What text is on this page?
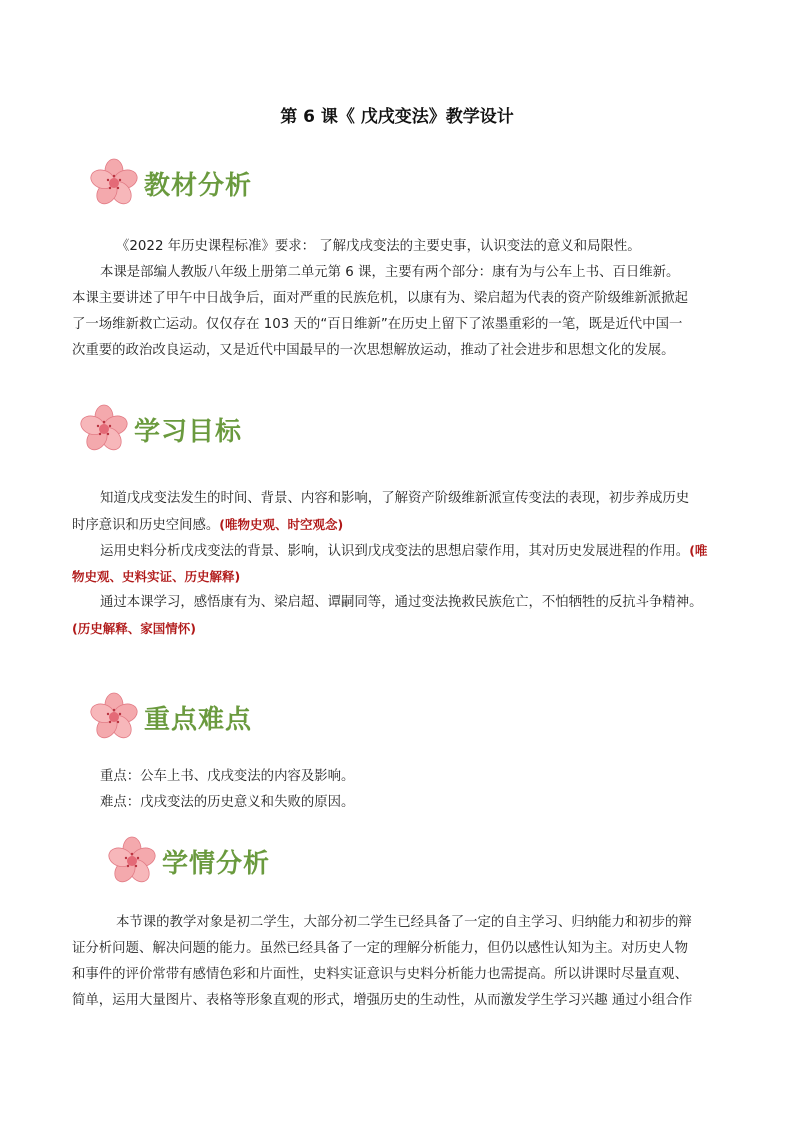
第 6 课《 戊戌变法》教学设计
教材分析
《2022 年历史课程标准》要求： 了解戊戌变法的主要史事，认识变法的意义和局限性。
本课是部编人教版八年级上册第二单元第 6 课，主要有两个部分：康有为与公车上书、百日维新。
本课主要讲述了甲午中日战争后，面对严重的民族危机，以康有为、梁启超为代表的资产阶级维新派掀起
了一场维新救亡运动。仅仅存在 103 天的“百日维新”在历史上留下了浓墨重彩的一笔，既是近代中国一
次重要的政治改良运动，又是近代中国最早的一次思想解放运动，推动了社会进步和思想文化的发展。
学习目标
知道戊戌变法发生的时间、背景、内容和影响，了解资产阶级维新派宣传变法的表现，初步养成历史
时序意识和历史空间感。(唯物史观、时空观念)
运用史料分析戊戌变法的背景、影响，认识到戊戌变法的思想启蒙作用，其对历史发展进程的作用。(唯
物史观、史料实证、历史解释)
通过本课学习，感悟康有为、梁启超、谭嗣同等，通过变法挽救民族危亡，不怕牺牲的反抗斗争精神。
(历史解释、家国情怀)
重点难点
重点：公车上书、戊戌变法的内容及影响。
难点：戊戌变法的历史意义和失败的原因。
学情分析
本节课的教学对象是初二学生，大部分初二学生已经具备了一定的自主学习、归纳能力和初步的辩
证分析问题、解决问题的能力。虽然已经具备了一定的理解分析能力，但仍以感性认知为主。对历史人物
和事件的评价常带有感情色彩和片面性，史料实证意识与史料分析能力也需提高。所以讲课时尽量直观、
简单，运用大量图片、表格等形象直观的形式，增强历史的生动性，从而激发学生学习兴趣 通过小组合作
